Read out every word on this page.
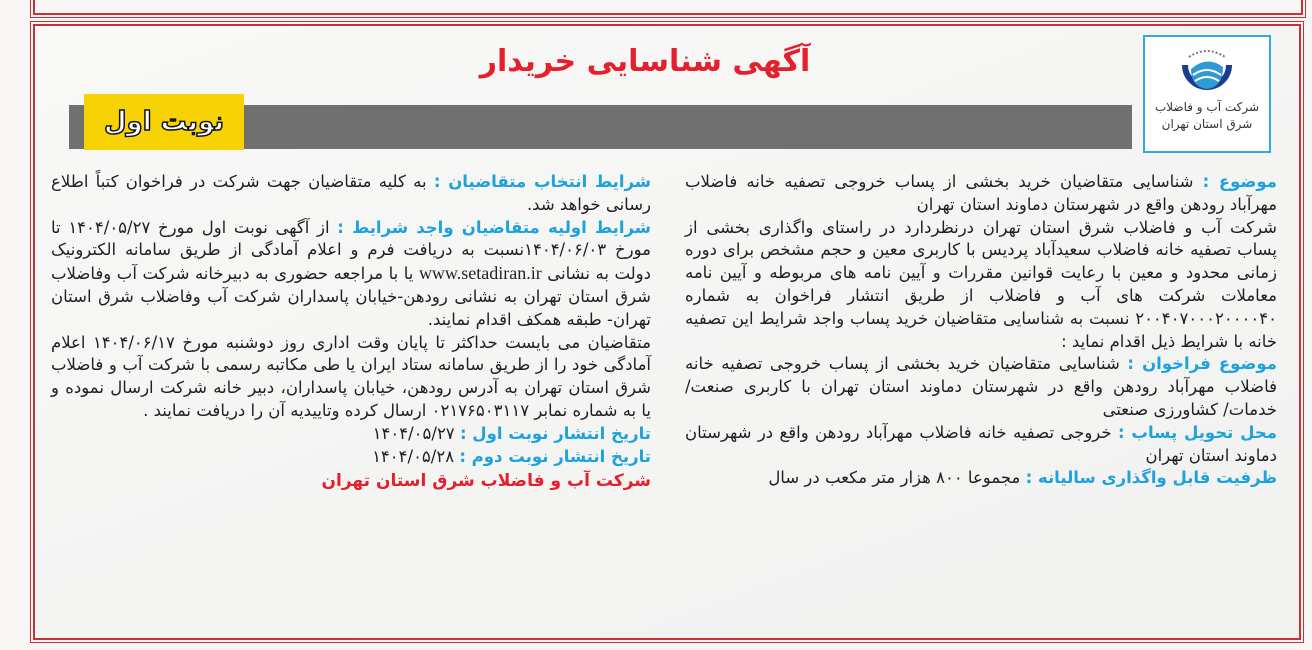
شرکت آب و فاضلاب
شرق استان تهران
آگهی شناسایی خریدار
نوبت اول

موضوع : شناسایی متقاضیان خرید بخشی از پساب خروجی تصفیه خانه فاضلاب مهرآباد رودهن واقع در شهرستان دماوند استان تهران

شرکت آب و فاضلاب شرق استان تهران درنظردارد در راستای واگذاری بخشی از پساب تصفیه خانه فاضلاب سعیدآباد پردیس با کاربری معین و حجم مشخص برای دوره زمانی محدود و معین با رعایت قوانین مقررات و آیین نامه های مربوطه و آیین نامه معاملات شرکت های آب و فاضلاب از طریق انتشار فراخوان به شماره ۲۰۰۴۰۷۰۰۰۲۰۰۰۰۴۰ نسبت به شناسایی متقاضیان خرید پساب واجد شرایط این تصفیه خانه با شرایط ذیل اقدام نماید :

موضوع فراخوان : شناسایی متقاضیان خرید بخشی از پساب خروجی تصفیه خانه فاضلاب مهرآباد رودهن واقع در شهرستان دماوند استان تهران با کاربری صنعت/ خدمات/ کشاورزی صنعتی

محل تحویل پساب : خروجی تصفیه خانه فاضلاب مهرآباد رودهن واقع در شهرستان دماوند استان تهران

ظرفیت قابل واگذاری سالیانه : مجموعا ۸۰۰ هزار متر مکعب در سال

شرایط انتخاب متقاضیان : به کلیه متقاضیان جهت شرکت در فراخوان کتباً اطلاع رسانی خواهد شد.

شرایط اولیه متقاضیان واجد شرایط : از آگهی نوبت اول مورخ ۱۴۰۴/۰۵/۲۷ تا مورخ ۱۴۰۴/۰۶/۰۳نسبت به دریافت فرم و اعلام آمادگی از طریق سامانه الکترونیک دولت به نشانی www.setadiran.ir یا با مراجعه حضوری به دبیرخانه شرکت آب وفاضلاب شرق استان تهران به نشانی رودهن-خیابان پاسداران شرکت آب وفاضلاب شرق استان تهران- طبقه همکف اقدام نمایند.

متقاضیان می بایست حداکثر تا پایان وقت اداری روز دوشنبه مورخ ۱۴۰۴/۰۶/۱۷ اعلام آمادگی خود را از طریق سامانه ستاد ایران یا طی مکاتبه رسمی با شرکت آب و فاضلاب شرق استان تهران به آدرس رودهن، خیابان پاسداران، دبیر خانه شرکت ارسال نموده و یا به شماره نمابر ۰۲۱۷۶۵۰۳۱۱۷ ارسال کرده وتاییدیه آن را دریافت نمایند .

تاریخ انتشار نوبت اول : ۱۴۰۴/۰۵/۲۷

تاریخ انتشار نوبت دوم : ۱۴۰۴/۰۵/۲۸

شرکت آب و فاضلاب شرق استان تهران
